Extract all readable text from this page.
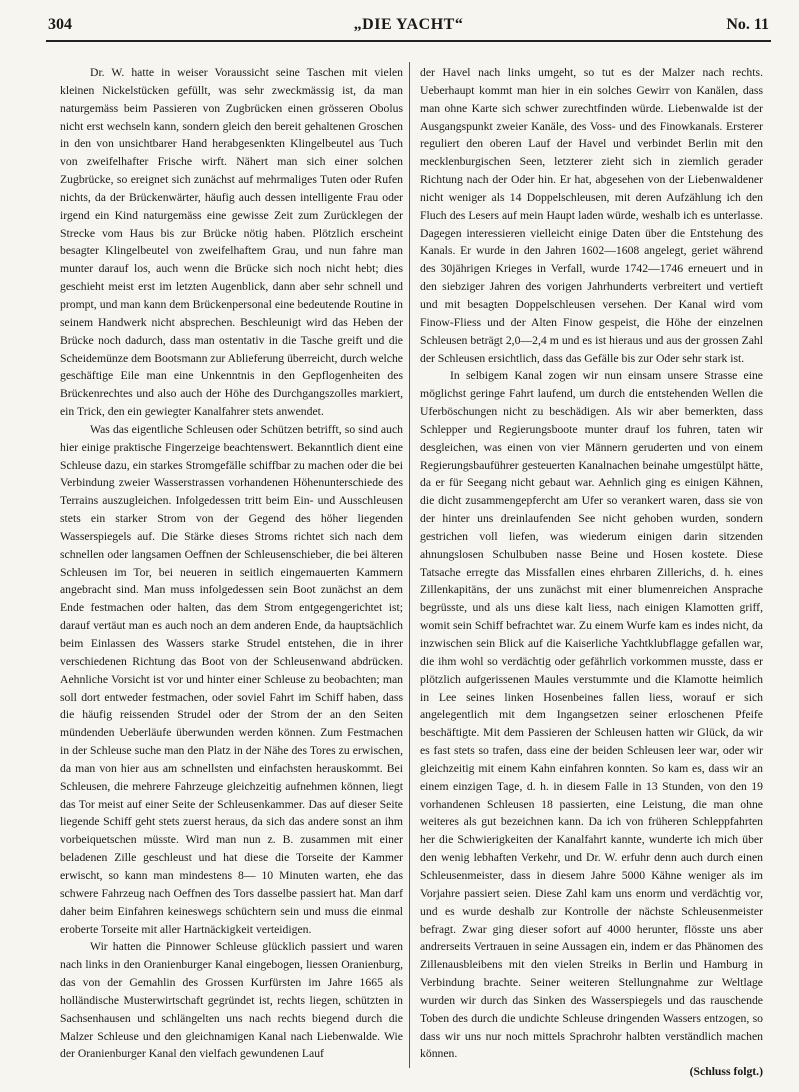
304	„DIE YACHT“	No. 11

Dr. W. hatte in weiser Voraussicht seine Taschen mit vielen kleinen Nickelstücken gefüllt, was sehr zweckmässig ist, da man naturgemäss beim Passieren von Zugbrücken einen grösseren Obolus nicht erst wechseln kann, sondern gleich den bereit gehaltenen Groschen in den von unsichtbarer Hand herabgesenkten Klingelbeutel aus Tuch von zweifelhafter Frische wirft. Nähert man sich einer solchen Zugbrücke, so ereignet sich zunächst auf mehrmaliges Tuten oder Rufen nichts, da der Brückenwärter, häufig auch dessen intelligente Frau oder irgend ein Kind naturgemäss eine gewisse Zeit zum Zurücklegen der Strecke vom Haus bis zur Brücke nötig haben. Plötzlich erscheint besagter Klingelbeutel von zweifelhaftem Grau, und nun fahre man munter darauf los, auch wenn die Brücke sich noch nicht hebt; dies geschieht meist erst im letzten Augenblick, dann aber sehr schnell und prompt, und man kann dem Brückenpersonal eine bedeutende Routine in seinem Handwerk nicht absprechen. Beschleunigt wird das Heben der Brücke noch dadurch, dass man ostentativ in die Tasche greift und die Scheidemünze dem Bootsmann zur Ablieferung überreicht, durch welche geschäftige Eile man eine Unkenntnis in den Gepflogenheiten des Brückenrechtes und also auch der Höhe des Durchgangszolles markiert, ein Trick, den ein gewiegter Kanalfahrer stets anwendet.

Was das eigentliche Schleusen oder Schützen betrifft, so sind auch hier einige praktische Fingerzeige beachtenswert. Bekanntlich dient eine Schleuse dazu, ein starkes Stromgefälle schiffbar zu machen oder die bei Verbindung zweier Wasserstrassen vorhandenen Höhenunterschiede des Terrains auszugleichen. Infolgedessen tritt beim Ein- und Ausschleusen stets ein starker Strom von der Gegend des höher liegenden Wasserspiegels auf. Die Stärke dieses Stroms richtet sich nach dem schnellen oder langsamen Oeffnen der Schleusenschieber, die bei älteren Schleusen im Tor, bei neueren in seitlich eingemauerten Kammern angebracht sind. Man muss infolgedessen sein Boot zunächst an dem Ende festmachen oder halten, das dem Strom entgegengerichtet ist; darauf vertäut man es auch noch an dem anderen Ende, da hauptsächlich beim Einlassen des Wassers starke Strudel entstehen, die in ihrer verschiedenen Richtung das Boot von der Schleusenwand abdrücken. Aehnliche Vorsicht ist vor und hinter einer Schleuse zu beobachten; man soll dort entweder festmachen, oder soviel Fahrt im Schiff haben, dass die häufig reissenden Strudel oder der Strom der an den Seiten mündenden Ueberläufe überwunden werden können. Zum Festmachen in der Schleuse suche man den Platz in der Nähe des Tores zu erwischen, da man von hier aus am schnellsten und einfachsten herauskommt. Bei Schleusen, die mehrere Fahrzeuge gleichzeitig aufnehmen können, liegt das Tor meist auf einer Seite der Schleusenkammer. Das auf dieser Seite liegende Schiff geht stets zuerst heraus, da sich das andere sonst an ihm vorbeiquetschen müsste. Wird man nun z. B. zusammen mit einer beladenen Zille geschleust und hat diese die Torseite der Kammer erwischt, so kann man mindestens 8— 10 Minuten warten, ehe das schwere Fahrzeug nach Oeffnen des Tors dasselbe passiert hat. Man darf daher beim Einfahren keineswegs schüchtern sein und muss die einmal eroberte Torseite mit aller Hartnäckigkeit verteidigen.

Wir hatten die Pinnower Schleuse glücklich passiert und waren nach links in den Oranienburger Kanal eingebogen, liessen Oranienburg, das von der Gemahlin des Grossen Kurfürsten im Jahre 1665 als holländische Musterwirtschaft gegründet ist, rechts liegen, schützten in Sachsenhausen und schlängelten uns nach rechts biegend durch die Malzer Schleuse und den gleichnamigen Kanal nach Liebenwalde. Wie der Oranienburger Kanal den vielfach gewundenen Lauf

der Havel nach links umgeht, so tut es der Malzer nach rechts. Ueberhaupt kommt man hier in ein solches Gewirr von Kanälen, dass man ohne Karte sich schwer zurechtfinden würde. Liebenwalde ist der Ausgangspunkt zweier Kanäle, des Voss- und des Finowkanals. Ersterer reguliert den oberen Lauf der Havel und verbindet Berlin mit den mecklenburgischen Seen, letzterer zieht sich in ziemlich gerader Richtung nach der Oder hin. Er hat, abgesehen von der Liebenwaldener nicht weniger als 14 Doppelschleusen, mit deren Aufzählung ich den Fluch des Lesers auf mein Haupt laden würde, weshalb ich es unterlasse. Dagegen interessieren vielleicht einige Daten über die Entstehung des Kanals. Er wurde in den Jahren 1602—1608 angelegt, geriet während des 30jährigen Krieges in Verfall, wurde 1742—1746 erneuert und in den siebziger Jahren des vorigen Jahrhunderts verbreitert und vertieft und mit besagten Doppelschleusen versehen. Der Kanal wird vom Finow-Fliess und der Alten Finow gespeist, die Höhe der einzelnen Schleusen beträgt 2,0—2,4 m und es ist hieraus und aus der grossen Zahl der Schleusen ersichtlich, dass das Gefälle bis zur Oder sehr stark ist.

In selbigem Kanal zogen wir nun einsam unsere Strasse eine möglichst geringe Fahrt laufend, um durch die entstehenden Wellen die Uferböschungen nicht zu beschädigen. Als wir aber bemerkten, dass Schlepper und Regierungsboote munter drauf los fuhren, taten wir desgleichen, was einen von vier Männern geruderten und von einem Regierungsbauführer gesteuerten Kanalnachen beinahe umgestülpt hätte, da er für Seegang nicht gebaut war. Aehnlich ging es einigen Kähnen, die dicht zusammengepfercht am Ufer so verankert waren, dass sie von der hinter uns dreinlaufenden See nicht gehoben wurden, sondern gestrichen voll liefen, was wiederum einigen darin sitzenden ahnungslosen Schulbuben nasse Beine und Hosen kostete. Diese Tatsache erregte das Missfallen eines ehrbaren Zillerichs, d. h. eines Zillenkapitäns, der uns zunächst mit einer blumenreichen Ansprache begrüsste, und als uns diese kalt liess, nach einigen Klamotten griff, womit sein Schiff befrachtet war. Zu einem Wurfe kam es indes nicht, da inzwischen sein Blick auf die Kaiserliche Yachtklubflagge gefallen war, die ihm wohl so verdächtig oder gefährlich vorkommen musste, dass er plötzlich aufgerissenen Maules verstummte und die Klamotte heimlich in Lee seines linken Hosenbeines fallen liess, worauf er sich angelegentlich mit dem Ingangsetzen seiner erloschenen Pfeife beschäftigte. Mit dem Passieren der Schleusen hatten wir Glück, da wir es fast stets so trafen, dass eine der beiden Schleusen leer war, oder wir gleichzeitig mit einem Kahn einfahren konnten. So kam es, dass wir an einem einzigen Tage, d. h. in diesem Falle in 13 Stunden, von den 19 vorhandenen Schleusen 18 passierten, eine Leistung, die man ohne weiteres als gut bezeichnen kann. Da ich von früheren Schleppfahrten her die Schwierigkeiten der Kanalfahrt kannte, wunderte ich mich über den wenig lebhaften Verkehr, und Dr. W. erfuhr denn auch durch einen Schleusenmeister, dass in diesem Jahre 5000 Kähne weniger als im Vorjahre passiert seien. Diese Zahl kam uns enorm und verdächtig vor, und es wurde deshalb zur Kontrolle der nächste Schleusenmeister befragt. Zwar ging dieser sofort auf 4000 herunter, flösste uns aber andrerseits Vertrauen in seine Aussagen ein, indem er das Phänomen des Zillenausbleibens mit den vielen Streiks in Berlin und Hamburg in Verbindung brachte. Seiner weiteren Stellungnahme zur Weltlage wurden wir durch das Sinken des Wasserspiegels und das rauschende Toben des durch die undichte Schleuse dringenden Wassers entzogen, so dass wir uns nur noch mittels Sprachrohr halbten verständlich machen können.

(Schluss folgt.)
